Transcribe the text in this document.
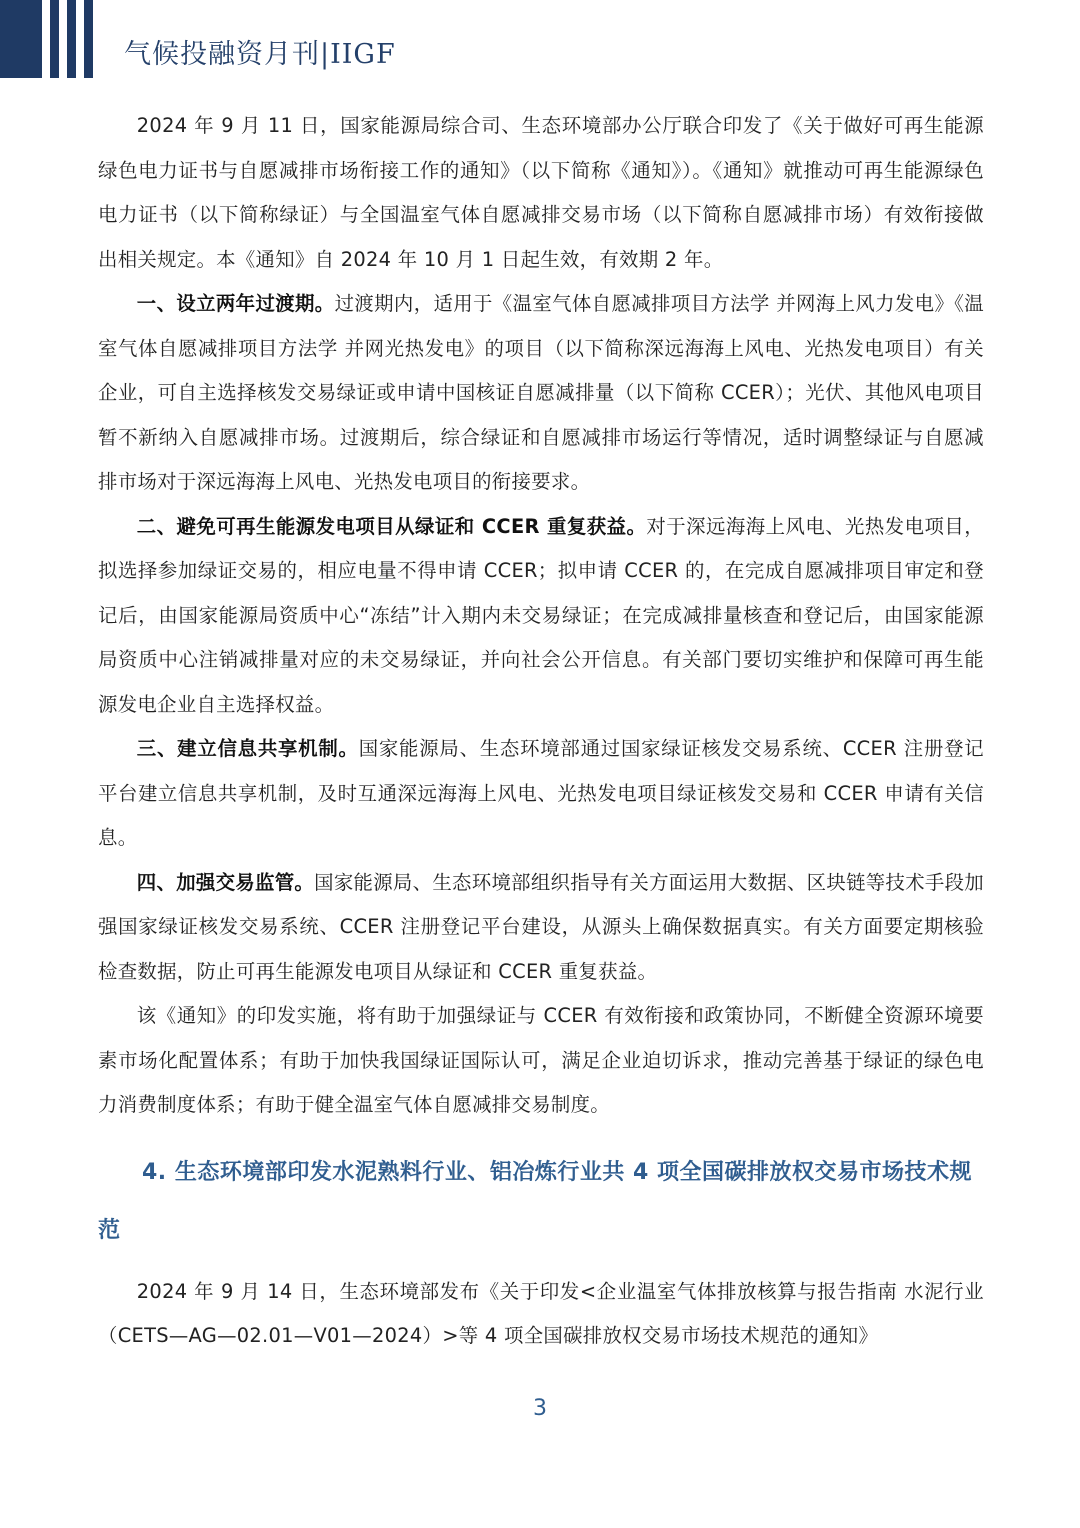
气候投融资月刊|IIGF

2024 年 9 月 11 日，国家能源局综合司、生态环境部办公厅联合印发了《关于做好可再生能源绿色电力证书与自愿减排市场衔接工作的通知》（以下简称《通知》）。《通知》就推动可再生能源绿色电力证书（以下简称绿证）与全国温室气体自愿减排交易市场（以下简称自愿减排市场）有效衔接做出相关规定。本《通知》自 2024 年 10 月 1 日起生效，有效期 2 年。

一、设立两年过渡期。过渡期内，适用于《温室气体自愿减排项目方法学 并网海上风力发电》《温室气体自愿减排项目方法学 并网光热发电》的项目（以下简称深远海海上风电、光热发电项目）有关企业，可自主选择核发交易绿证或申请中国核证自愿减排量（以下简称 CCER）；光伏、其他风电项目暂不新纳入自愿减排市场。过渡期后，综合绿证和自愿减排市场运行等情况，适时调整绿证与自愿减排市场对于深远海海上风电、光热发电项目的衔接要求。

二、避免可再生能源发电项目从绿证和 CCER 重复获益。对于深远海海上风电、光热发电项目，拟选择参加绿证交易的，相应电量不得申请 CCER；拟申请 CCER 的，在完成自愿减排项目审定和登记后，由国家能源局资质中心“冻结”计入期内未交易绿证；在完成减排量核查和登记后，由国家能源局资质中心注销减排量对应的未交易绿证，并向社会公开信息。有关部门要切实维护和保障可再生能源发电企业自主选择权益。

三、建立信息共享机制。国家能源局、生态环境部通过国家绿证核发交易系统、CCER 注册登记平台建立信息共享机制，及时互通深远海海上风电、光热发电项目绿证核发交易和 CCER 申请有关信息。

四、加强交易监管。国家能源局、生态环境部组织指导有关方面运用大数据、区块链等技术手段加强国家绿证核发交易系统、CCER 注册登记平台建设，从源头上确保数据真实。有关方面要定期核验检查数据，防止可再生能源发电项目从绿证和 CCER 重复获益。

该《通知》的印发实施，将有助于加强绿证与 CCER 有效衔接和政策协同，不断健全资源环境要素市场化配置体系；有助于加快我国绿证国际认可，满足企业迫切诉求，推动完善基于绿证的绿色电力消费制度体系；有助于健全温室气体自愿减排交易制度。

4. 生态环境部印发水泥熟料行业、铝冶炼行业共 4 项全国碳排放权交易市场技术规范

2024 年 9 月 14 日，生态环境部发布《关于印发<企业温室气体排放核算与报告指南 水泥行业（CETS—AG—02.01—V01—2024）>等 4 项全国碳排放权交易市场技术规范的通知》

3
